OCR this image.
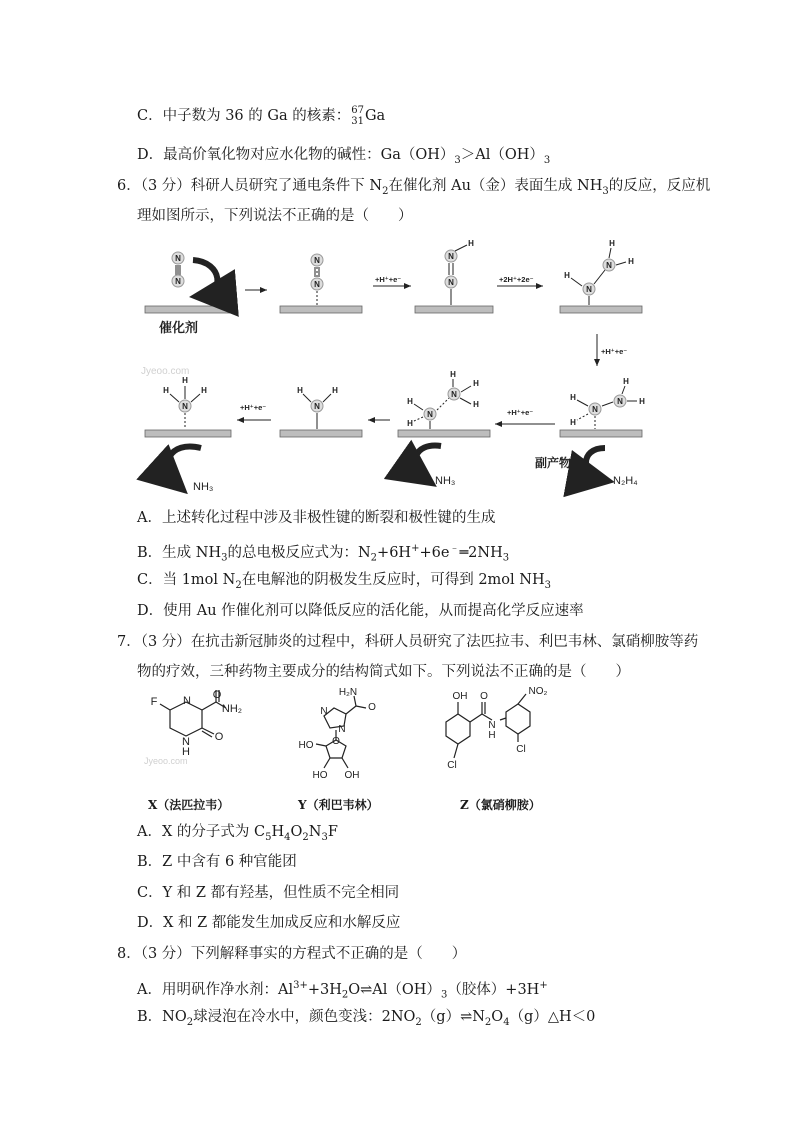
C．中子数为 36 的 Ga 的核素： 67
31 Ga
D．最高价氧化物对应水化物的碱性：$Ga(OH)_3>Al(OH)_3$
6．（3 分）科研人员研究了通电条件下 $N_2$在催化剂 Au（金）表面生成 $NH_3$的反应，反应机
理如图所示，下列说法不正确的是（　　）
+H⁺+e⁻	+2H⁺+2e⁻
+H⁺+e⁻
+H⁺+e⁻
+H⁺+e⁻
催化剂
Jyeoo.com
N
N
N
N
N
H
N
N
H
N
H
H
N
H
H
N
H
H
N
H
H
N
H
H
H
N
H	H
N
H	H
H
NH₃	NH₃
副产物
N₂H₄
A．上述转化过程中涉及非极性键的断裂和极性键的生成
B．生成 $NH_3$的总电极反应式为：$N_2+6H^++6e^﹣═2NH_3$
C．当 1mol $N_2$在电解池的阴极发生反应时，可得到 2mol $NH_3$
D．使用 Au 作催化剂可以降低反应的活化能，从而提高化学反应速率
7．（3 分）在抗击新冠肺炎的过程中，科研人员研究了法匹拉韦、利巴韦林、氯硝柳胺等药
物的疗效，三种药物主要成分的结构简式如下。下列说法不正确的是（　　）
F N O
NH₂
O
N
H
Jyeoo.com
H₂N
O
N
N
HO O
HO OH
OH O
N
H
NO₂
Cl
Cl
X（法匹拉韦）	Y（利巴韦林）	Z（氯硝柳胺）
A．X 的分子式为 $C_5H_4O_2N_3F$
B．Z 中含有 6 种官能团
C．Y 和 Z 都有羟基，但性质不完全相同
D．X 和 Z 都能发生加成反应和水解反应
8．（3 分）下列解释事实的方程式不正确的是（　　）
A．用明矾作净水剂：$Al^{3+}+3H_2O\rightleftharpoons Al(OH)_3$（胶体）+3H+
B．$NO_2$球浸泡在冷水中，颜色变浅：$2NO_2(g)\rightleftharpoons N_2O_4(g)\triangle H<0$
